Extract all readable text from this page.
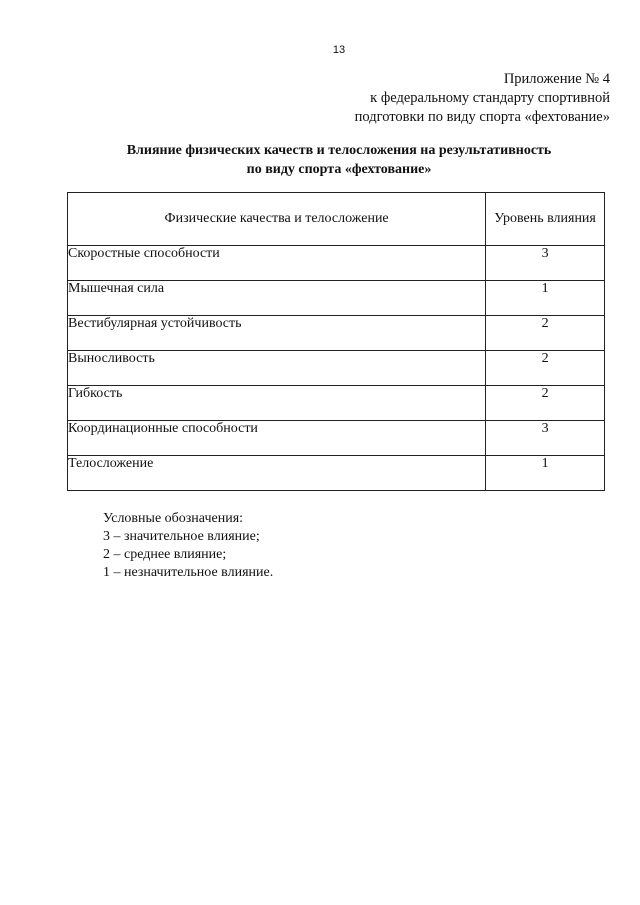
13
Приложение № 4
к федеральному стандарту спортивной
подготовки по виду спорта «фехтование»
Влияние физических качеств и телосложения на результативность
по виду спорта «фехтование»
Физические качества и телосложение	Уровень влияния
Скоростные способности	3
Мышечная сила	1
Вестибулярная устойчивость	2
Выносливость	2
Гибкость	2
Координационные способности	3
Телосложение	1
Условные обозначения:
3 – значительное влияние;
2 – среднее влияние;
1 – незначительное влияние.
